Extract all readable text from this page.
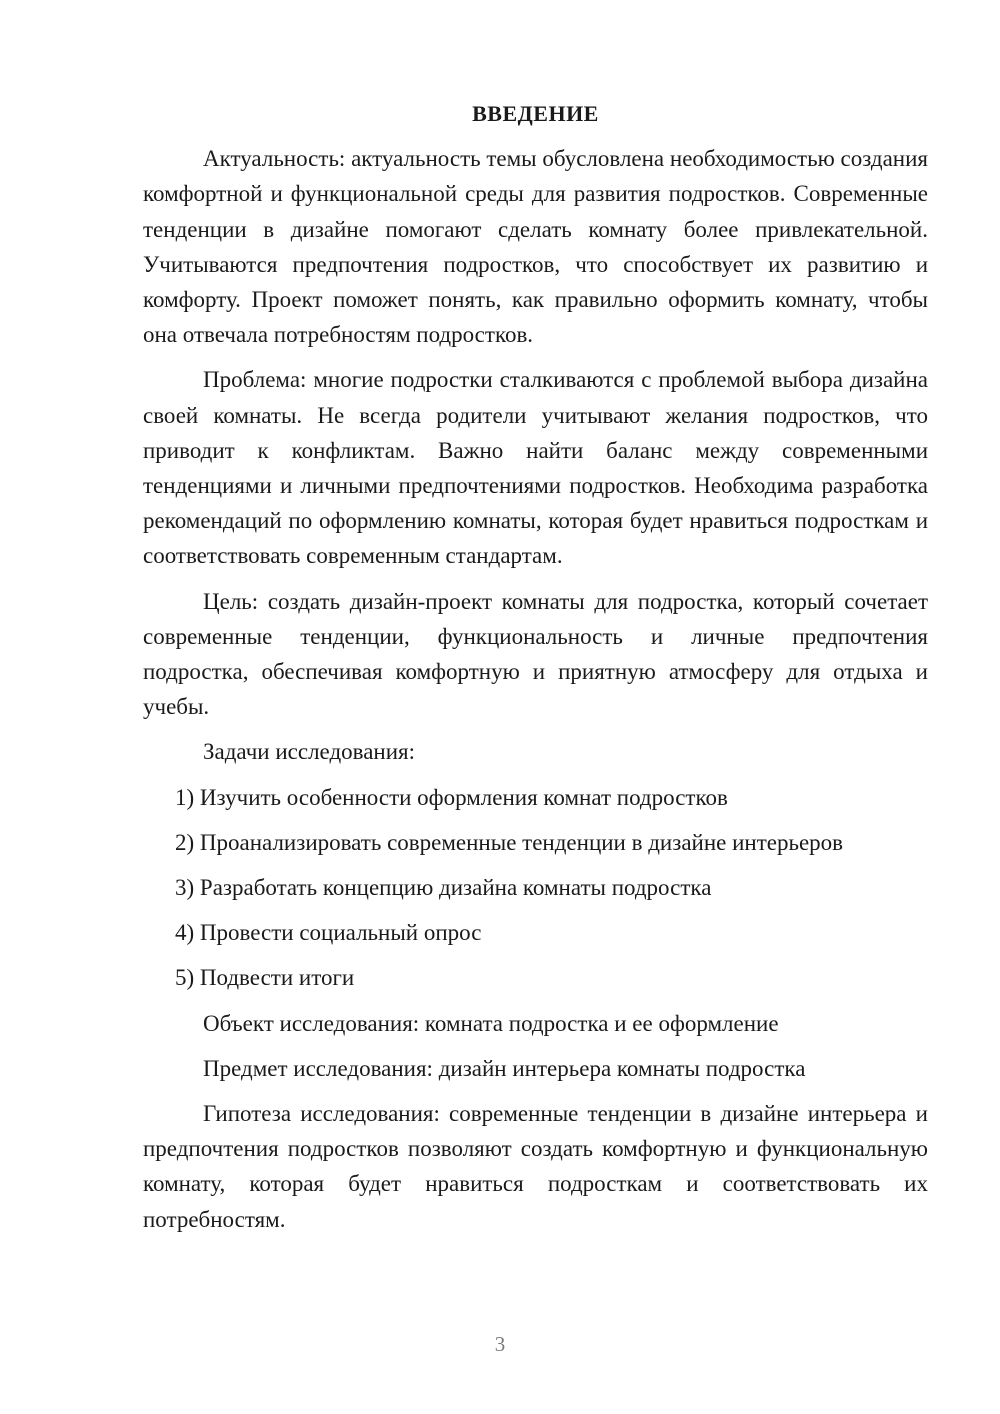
ВВЕДЕНИЕ

Актуальность: актуальность темы обусловлена необходимостью создания комфортной и функциональной среды для развития подростков. Современные тенденции в дизайне помогают сделать комнату более привлекательной. Учитываются предпочтения подростков, что способствует их развитию и комфорту. Проект поможет понять, как правильно оформить комнату, чтобы она отвечала потребностям подростков.

Проблема: многие подростки сталкиваются с проблемой выбора дизайна своей комнаты. Не всегда родители учитывают желания подростков, что приводит к конфликтам. Важно найти баланс между современными тенденциями и личными предпочтениями подростков. Необходима разработка рекомендаций по оформлению комнаты, которая будет нравиться подросткам и соответствовать современным стандартам.

Цель: создать дизайн-проект комнаты для подростка, который сочетает современные тенденции, функциональность и личные предпочтения подростка, обеспечивая комфортную и приятную атмосферу для отдыха и учебы.

Задачи исследования:
1) Изучить особенности оформления комнат подростков
2) Проанализировать современные тенденции в дизайне интерьеров
3) Разработать концепцию дизайна комнаты подростка
4) Провести социальный опрос
5) Подвести итоги
Объект исследования: комната подростка и ее оформление
Предмет исследования: дизайн интерьера комнаты подростка

Гипотеза исследования: современные тенденции в дизайне интерьера и предпочтения подростков позволяют создать комфортную и функциональную комнату, которая будет нравиться подросткам и соответствовать их потребностям.

3
